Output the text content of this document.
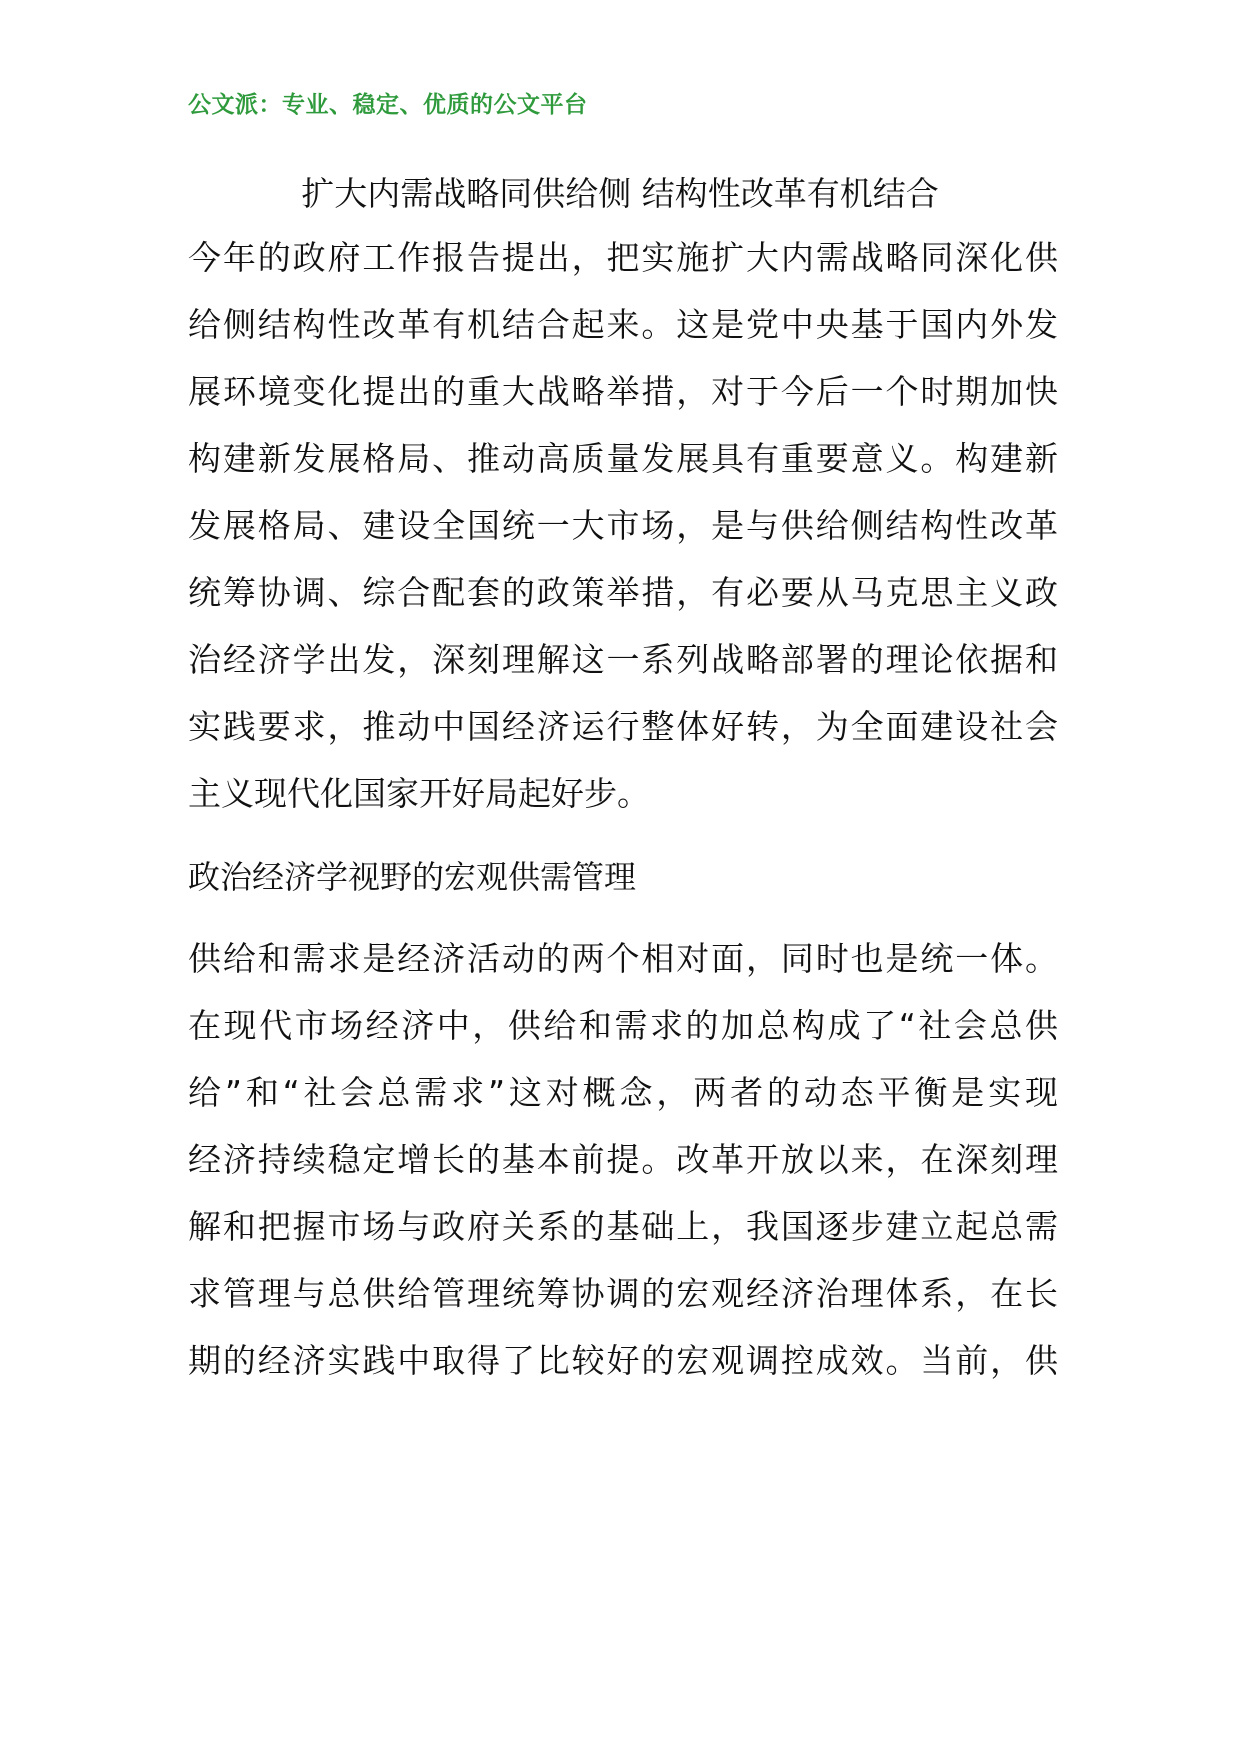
公文派：专业、稳定、优质的公文平台
扩大内需战略同供给侧 结构性改革有机结合
今年的政府工作报告提出，把实施扩大内需战略同深化供
给侧结构性改革有机结合起来。这是党中央基于国内外发
展环境变化提出的重大战略举措，对于今后一个时期加快
构建新发展格局、推动高质量发展具有重要意义。构建新
发展格局、建设全国统一大市场，是与供给侧结构性改革
统筹协调、综合配套的政策举措，有必要从马克思主义政
治经济学出发，深刻理解这一系列战略部署的理论依据和
实践要求，推动中国经济运行整体好转，为全面建设社会
主义现代化国家开好局起好步。
政治经济学视野的宏观供需管理
供给和需求是经济活动的两个相对面，同时也是统一体。
在现代市场经济中，供给和需求的加总构成了“社会总供
给”和“社会总需求”这对概念，两者的动态平衡是实现
经济持续稳定增长的基本前提。改革开放以来，在深刻理
解和把握市场与政府关系的基础上，我国逐步建立起总需
求管理与总供给管理统筹协调的宏观经济治理体系，在长
期的经济实践中取得了比较好的宏观调控成效。当前，供
